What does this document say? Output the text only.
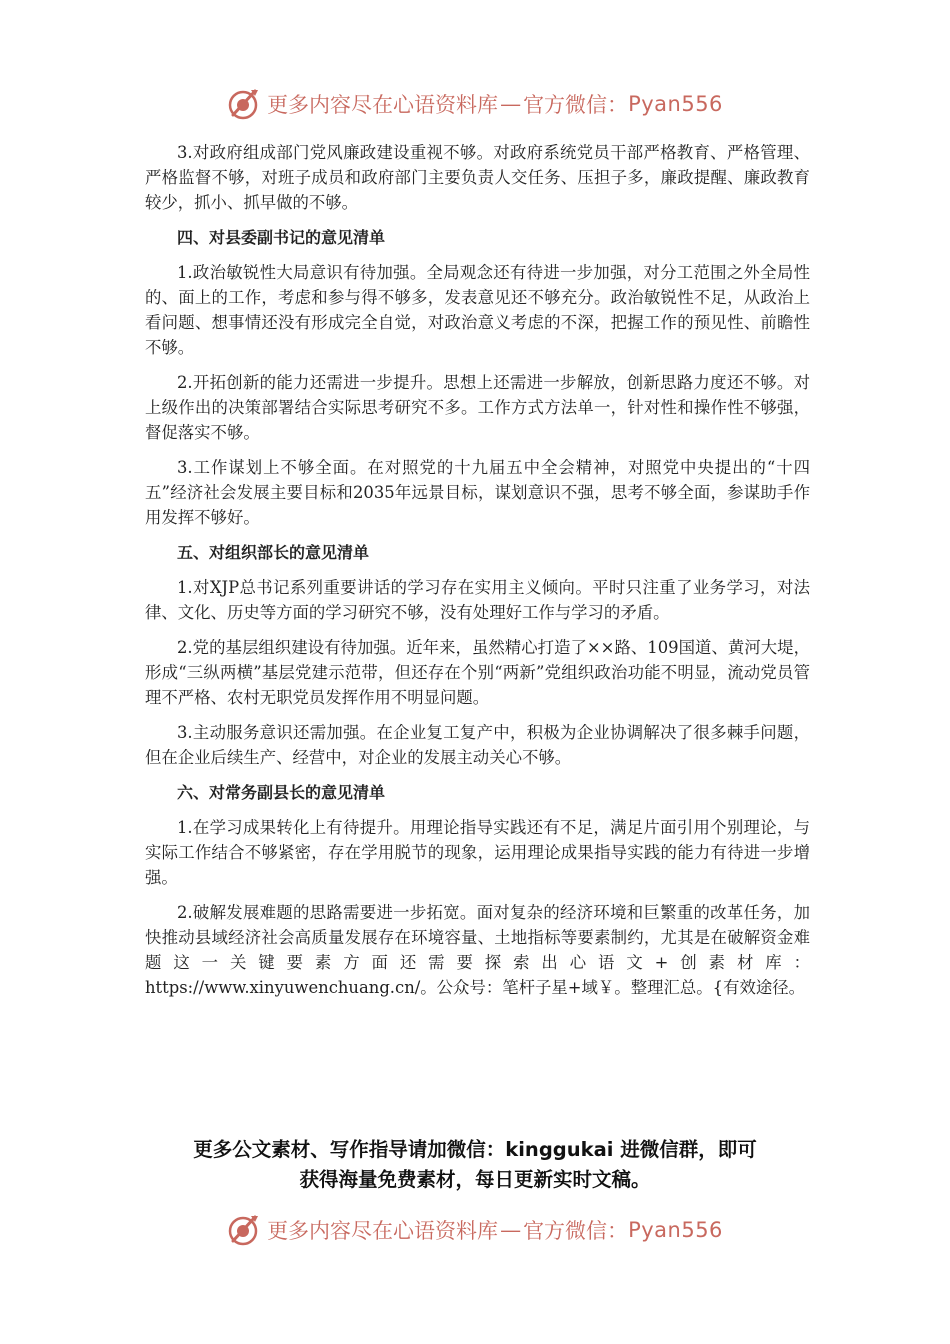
更多内容尽在心语资料库 — 官方微信： Pyan556

3.对政府组成部门党风廉政建设重视不够。对政府系统党员干部严格教育、严格管理、严格监督不够，对班子成员和政府部门主要负责人交任务、压担子多，廉政提醒、廉政教育较少，抓小、抓早做的不够。

四、对县委副书记的意见清单

1.政治敏锐性大局意识有待加强。全局观念还有待进一步加强，对分工范围之外全局性的、面上的工作，考虑和参与得不够多，发表意见还不够充分。政治敏锐性不足，从政治上看问题、想事情还没有形成完全自觉，对政治意义考虑的不深，把握工作的预见性、前瞻性不够。

2.开拓创新的能力还需进一步提升。思想上还需进一步解放，创新思路力度还不够。对上级作出的决策部署结合实际思考研究不多。工作方式方法单一，针对性和操作性不够强，督促落实不够。

3.工作谋划上不够全面。在对照党的十九届五中全会精神，对照党中央提出的“十四五”经济社会发展主要目标和2035年远景目标，谋划意识不强，思考不够全面，参谋助手作用发挥不够好。

五、对组织部长的意见清单

1.对XJP总书记系列重要讲话的学习存在实用主义倾向。平时只注重了业务学习，对法律、文化、历史等方面的学习研究不够，没有处理好工作与学习的矛盾。

2.党的基层组织建设有待加强。近年来，虽然精心打造了××路、109国道、黄河大堤，形成“三纵两横”基层党建示范带，但还存在个别“两新”党组织政治功能不明显，流动党员管理不严格、农村无职党员发挥作用不明显问题。

3.主动服务意识还需加强。在企业复工复产中，积极为企业协调解决了很多棘手问题，但在企业后续生产、经营中，对企业的发展主动关心不够。

六、对常务副县长的意见清单

1.在学习成果转化上有待提升。用理论指导实践还有不足，满足片面引用个别理论，与实际工作结合不够紧密，存在学用脱节的现象，运用理论成果指导实践的能力有待进一步增强。

2.破解发展难题的思路需要进一步拓宽。面对复杂的经济环境和巨繁重的改革任务，加快推动县域经济社会高质量发展存在环境容量、土地指标等要素制约，尤其是在破解资金难题这一关键要素方面还需要探索出心语文+创素材库：https://www.xinyuwenchuang.cn/。公众号：笔杆子星+域￥。整理汇总。{有效途径。

更多公文素材、写作指导请加微信：kinggukai 进微信群，即可
获得海量免费素材，每日更新实时文稿。
更多内容尽在心语资料库 — 官方微信： Pyan556
